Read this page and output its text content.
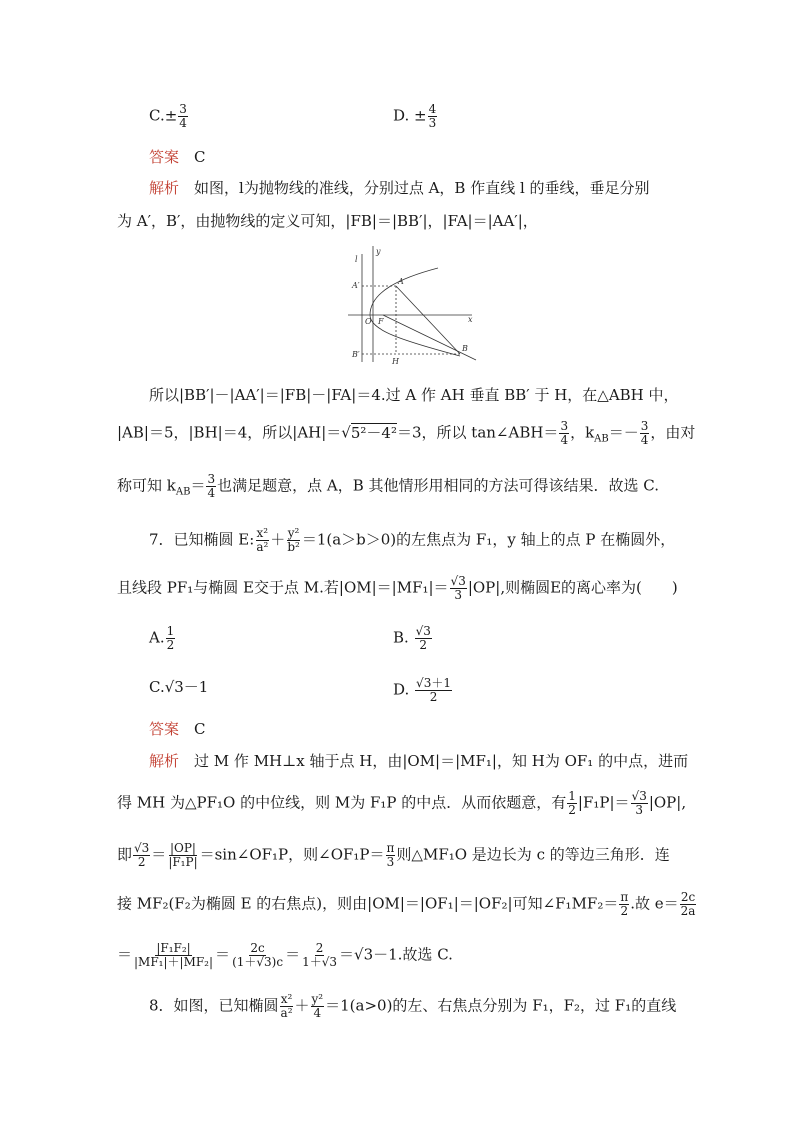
$C.\pm \frac{3}{4}$	D. ± $\frac{4}{3}$
答案　 C
解析　 如图，l为抛物线的准线，分别过点 A，B 作直线 l 的垂线，垂足分别
为 A′，B′，由抛物线的定义可知，|FB|＝|BB′|，|FA|＝|AA′|，
l
y
x
A
A′
O F
B
B′
H
所以|BB′|－|AA′|＝|FB|－|FA|＝4.过 A 作 AH 垂直 BB′ 于 H，在△ABH 中，
|AB|＝5，|BH|＝4，所以|AH|＝√5²－4²＝3，所以 tan∠ABH＝ $\frac{3}{4}$ ，$k_{AB}=- \frac{3}{4}$ ，由对
称可知 $k_{AB}= \frac{3}{4}$ 也满足题意，点 A，B 其他情形用相同的方法可得该结果．故选 C.
7．已知椭圆 E: $\frac{\text{x²}}{\text{a²}} + \frac{\text{y²}}{\text{b²}} =1(a>b>0)$的左焦点为 F₁，y 轴上的点 P 在椭圆外，
且线段 PF₁与椭圆 E交于点 M.若$|OM|=|MF_1|= \frac{√3}{3} |OP|$,则椭圆E的离心率为(　　)
A. $\frac{1}{2}$	B. $\frac{√3}{2}$
C.√3－1	D. $\frac{√3+1}{2}$
答案　 C
解析　 过 M 作 MH⊥x 轴于点 H，由|OM|＝|MF₁|，知 H为 OF₁ 的中点，进而
得 MH 为△PF₁O 的中位线，则 M为 F₁P 的中点．从而依题意，有 $\frac{1}{2} |F_1P|= \frac{√3}{3} |OP|$,
即 $\frac{√3}{2} = \frac{|OP|}{\text{|F₁P|}}$ ＝sin∠OF₁P，则∠OF₁P＝ $\frac{\pi}{3}$ 则△MF₁O 是边长为 c 的等边三角形．连
接 MF₂(F₂为椭圆 E 的右焦点)，则由|OM|＝|OF₁|＝|OF₂|可知∠F₁MF₂＝ $\frac{\pi}{2}$ .故 $e= \frac{2c}{2a}$
＝ $\frac{\text{|F₁F₂|}}{\text{|MF₁|＋|MF₂|}} = \frac{2c}{(1+√3)c} = \frac{2}{1+√3} =√3-1$.故选 C.
8．如图，已知椭圆 $\frac{\text{x²}}{\text{a²}} + \frac{\text{y²}}{4} =1(a>0)$的左、右焦点分别为 F₁，F₂，过 F₁的直线
